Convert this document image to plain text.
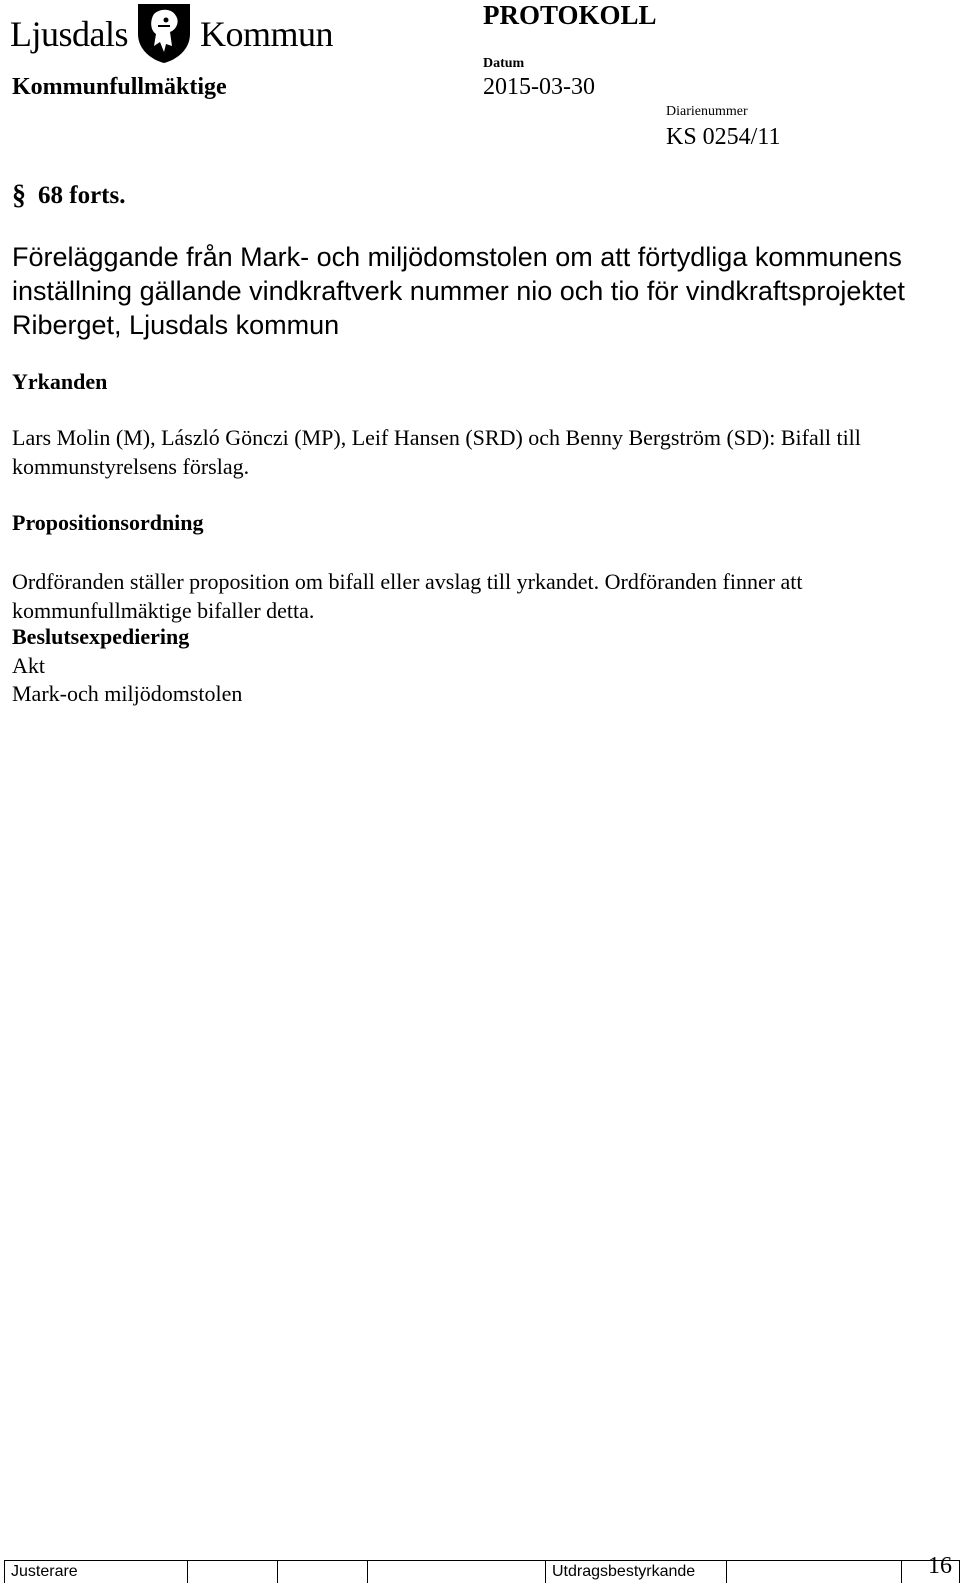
Ljusdals Kommun	PROTOKOLL
Kommunfullmäktige
Datum
2015-03-30
Diarienummer
KS 0254/11
§ 68 forts.
Föreläggande från Mark- och miljödomstolen om att förtydliga kommunens inställning gällande vindkraftverk nummer nio och tio för vindkraftsprojektet Riberget, Ljusdals kommun
Yrkanden
Lars Molin (M), László Gönczi (MP), Leif Hansen (SRD) och Benny Bergström (SD): Bifall till kommunstyrelsens förslag.
Propositionsordning
Ordföranden ställer proposition om bifall eller avslag till yrkandet. Ordföranden finner att kommunfullmäktige bifaller detta.
Beslutsexpediering
Akt
Mark-och miljödomstolen
Justerare	Utdragsbestyrkande	16
